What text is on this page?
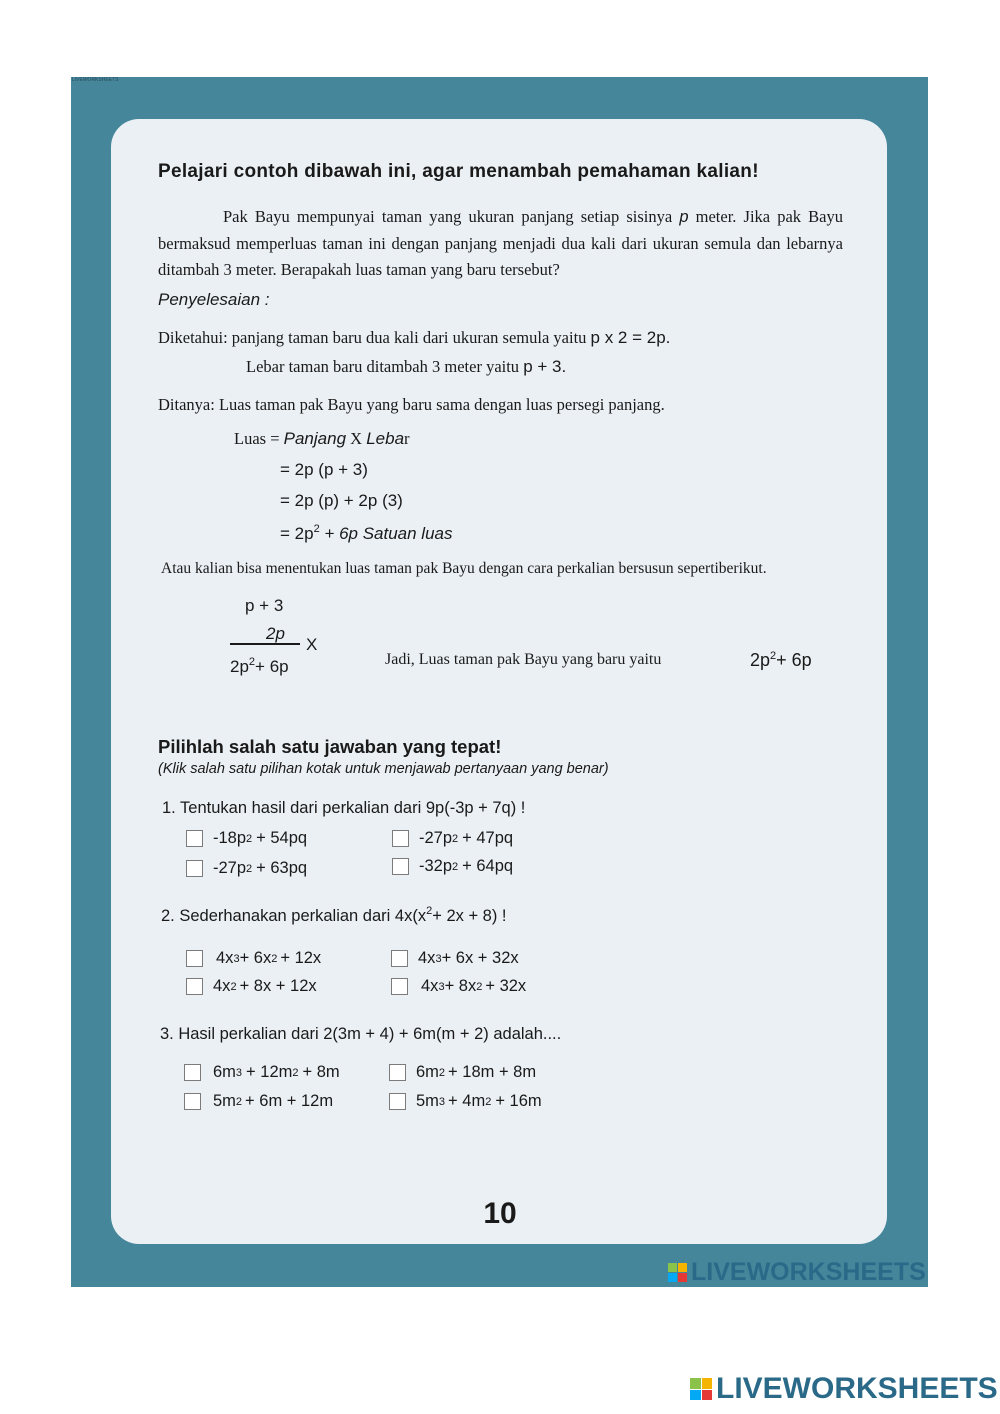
LIVEWORKSHEETS
Pelajari contoh dibawah ini, agar menambah pemahaman kalian!
Pak Bayu mempunyai taman yang ukuran panjang setiap sisinya p meter. Jika pak Bayu bermaksud memperluas taman ini dengan panjang menjadi dua kali dari ukuran semula dan lebarnya ditambah 3 meter. Berapakah luas taman yang baru tersebut?
Penyelesaian :
Diketahui: panjang taman baru dua kali dari ukuran semula yaitu p x 2 = 2p.
Lebar taman baru ditambah 3 meter yaitu p + 3.
Ditanya: Luas taman pak Bayu yang baru sama dengan luas persegi panjang.
Luas = Panjang X Lebar
= 2p (p + 3)
= 2p (p) + 2p (3)
= $2p^2 + 6p$ Satuan luas
Atau kalian bisa menentukan luas taman pak Bayu dengan cara perkalian bersusun sepertiberikut.
p + 3
2p
X
$2p^2+ 6p$	Jadi, Luas taman pak Bayu yang baru yaitu	$2p^2+ 6p$
Pilihlah salah satu jawaban yang tepat!
(Klik salah satu pilihan kotak untuk menjawab pertanyaan yang benar)
1. Tentukan hasil dari perkalian dari 9p(-3p + 7q) !
-18p 2 + 54pq	-27p 2 + 47pq
-27p 2 + 63pq	-32p 2 + 64pq
2. Sederhanakan perkalian dari $4x(x^2+ 2x + 8)$ !
4x 3 + 6x 2 + 12x	4x 3 + 6x + 32x
4x 2 + 8x + 12x	4x 3 + 8x 2 + 32x
3. Hasil perkalian dari 2(3m + 4) + 6m(m + 2) adalah....
6m 3 + 12m 2 + 8m	6m 2 + 18m + 8m
5m 2 + 6m + 12m	5m 3 + 4m 2 + 16m
10
LIVEWORKSHEETS
LIVEWORKSHEETS
